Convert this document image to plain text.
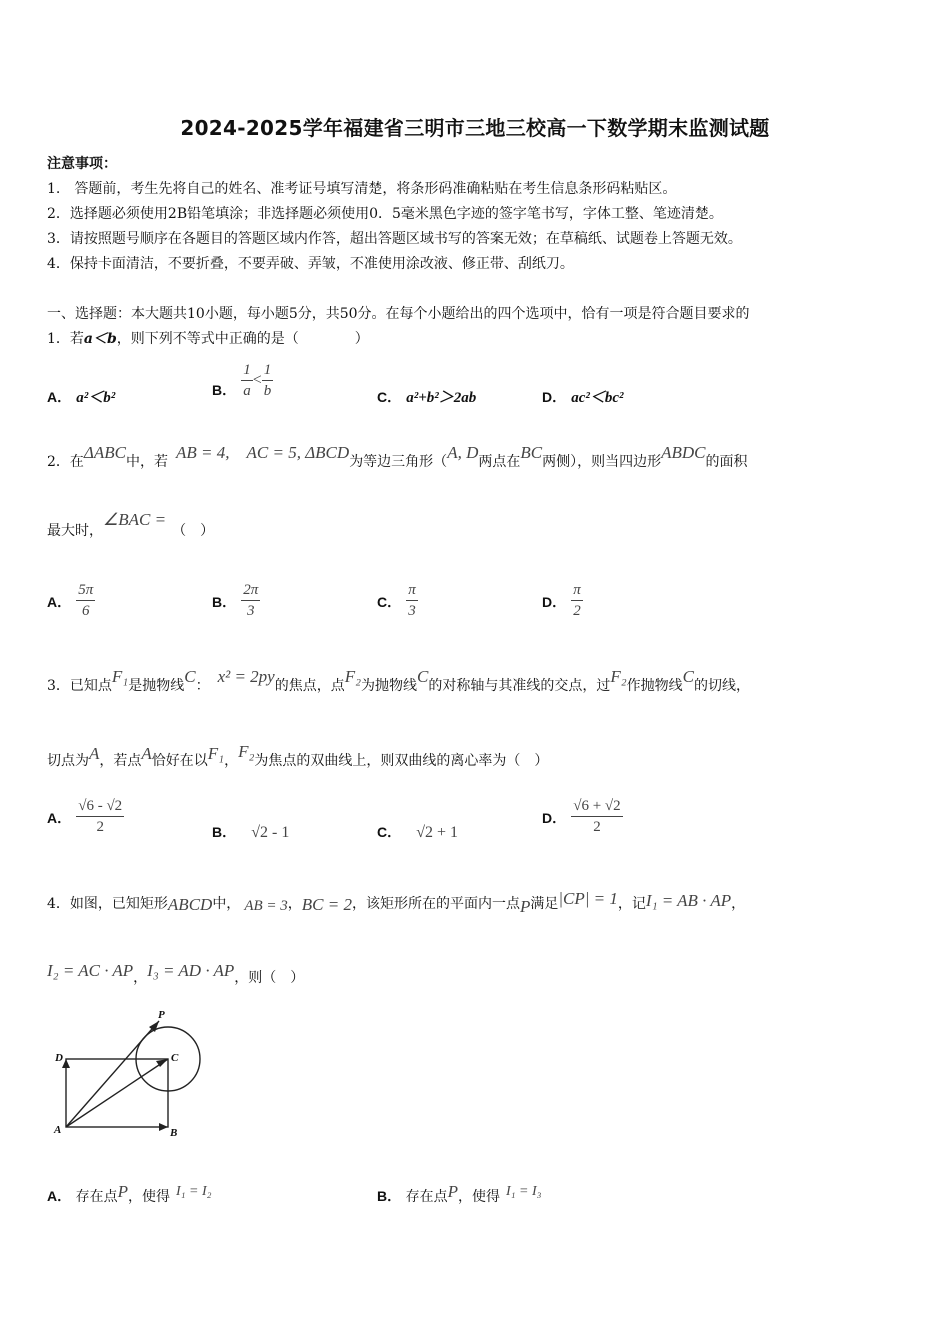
2024-2025学年福建省三明市三地三校高一下数学期末监测试题
注意事项：
1.　答题前，考生先将自己的姓名、准考证号填写清楚，将条形码准确粘贴在考生信息条形码粘贴区。
2．选择题必须使用2B铅笔填涂；非选择题必须使用0．5毫米黑色字迹的签字笔书写，字体工整、笔迹清楚。
3．请按照题号顺序在各题目的答题区域内作答，超出答题区域书写的答案无效；在草稿纸、试题卷上答题无效。
4．保持卡面清洁，不要折叠，不要弄破、弄皱，不准使用涂改液、修正带、刮纸刀。
一、选择题：本大题共10小题，每小题5分，共50分。在每个小题给出的四个选项中，恰有一项是符合题目要求的
1．若a＜b，则下列不等式中正确的是（　　　　）
A． a²＜b²	B． $\frac{1}{a} < \frac{1}{b}$	C． a²+b²＞2ab	D． ac²＜bc²
2．在ΔABC中，若 AB = 4,　AC = 5, ΔBCD为等边三角形（A, D两点在BC两侧），则当四边形ABDC的面积
最大时，∠BAC =（　）
A． $\frac{5\pi}{6}$	B． $\frac{2\pi}{3}$	C． $\frac{\pi}{3}$	D． $\frac{\pi}{2}$
3．已知点F₁是抛物线C： x² = 2py的焦点，点F₂为抛物线C的对称轴与其准线的交点，过F₂作抛物线C的切线，
切点为A，若点A恰好在以F₁，F₂为焦点的双曲线上，则双曲线的离心率为（　）
A． $\frac{√6 - √2}{2}$	B． √2 - 1	C． √2 + 1
D． $\frac{√6 + √2}{2}$
4．如图，已知矩形ABCD中， AB = 3，BC = 2，该矩形所在的平面内一点P满足|CP| = 1，记I₁ = AB · AP，
I₂ = AC · AP，I₃ = AD · AP，则（　）
P
D	C
A	B
A． 存在点P，使得 I₁ = I₂	B． 存在点P，使得 I₁ = I₃
